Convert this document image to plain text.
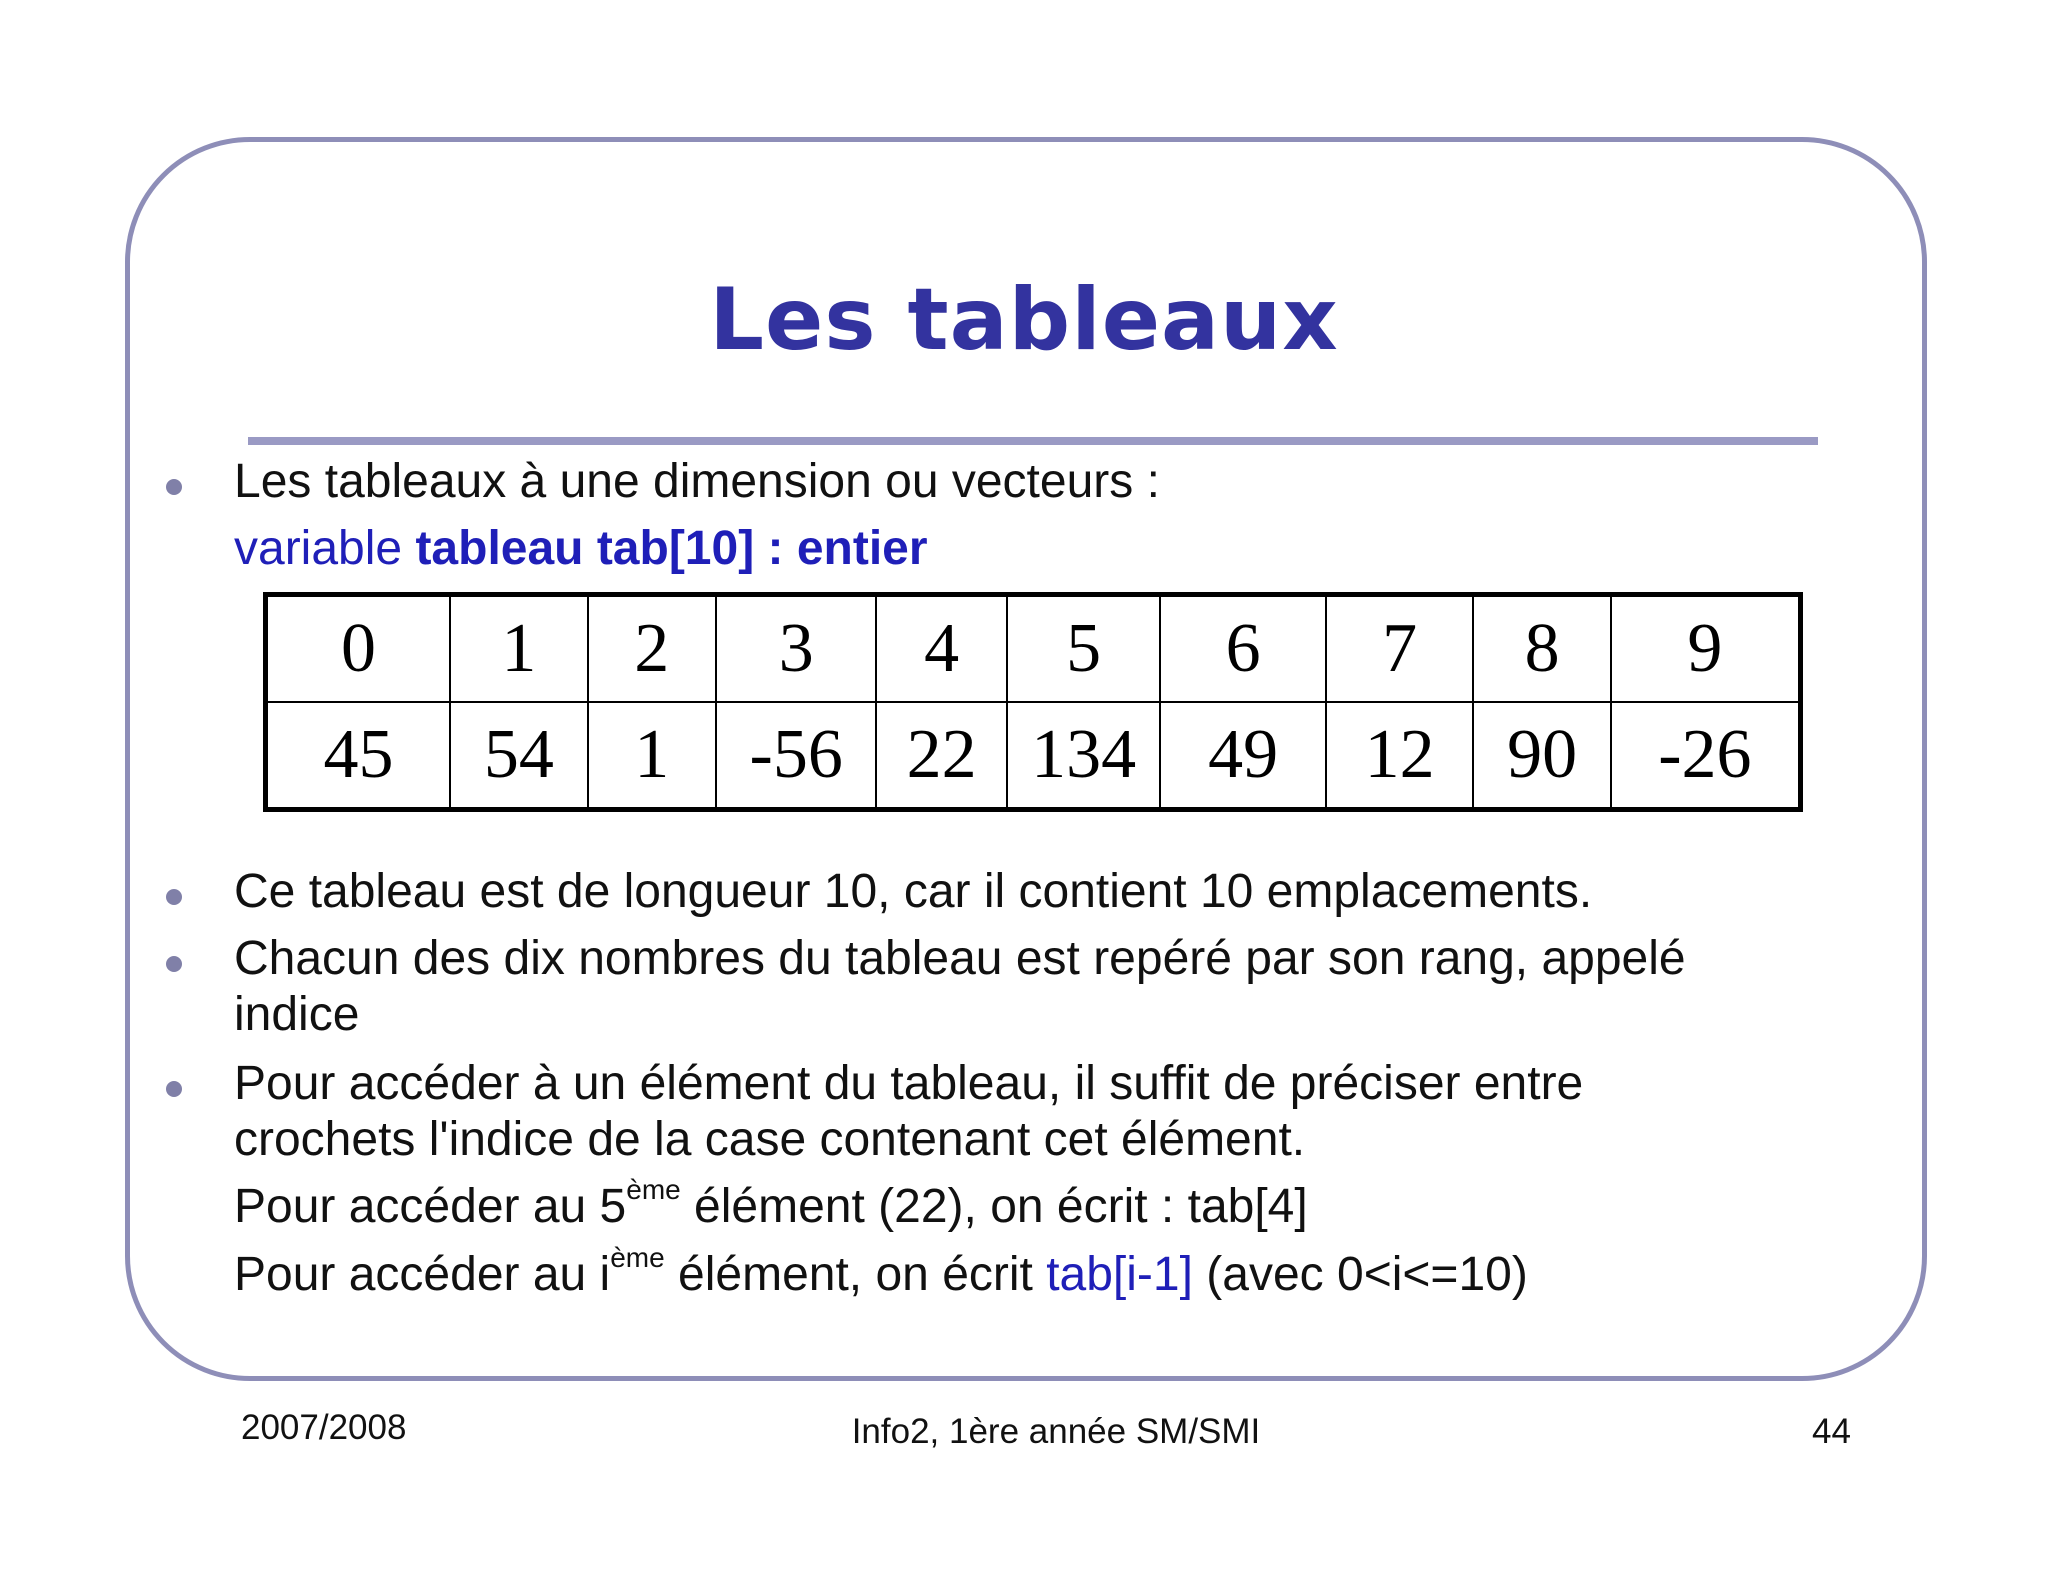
Les tableaux
Les tableaux à une dimension ou vecteurs :
variable tableau tab[10] : entier
0	1	2	3	4	5	6	7	8	9
45	54	1	-56	22	134	49	12	90	-26
Ce tableau est de longueur 10, car il contient 10 emplacements.
Chacun des dix nombres du tableau est repéré par son rang, appelé
indice
Pour accéder à un élément du tableau, il suffit de préciser entre
crochets l'indice de la case contenant cet élément.
Pour accéder au 5ème élément (22), on écrit : tab[4]
Pour accéder au $i^{ème}$ élément, on écrit tab[i-1] (avec 0<i<=10)
2007/2008	Info2, 1ère année SM/SMI	44
